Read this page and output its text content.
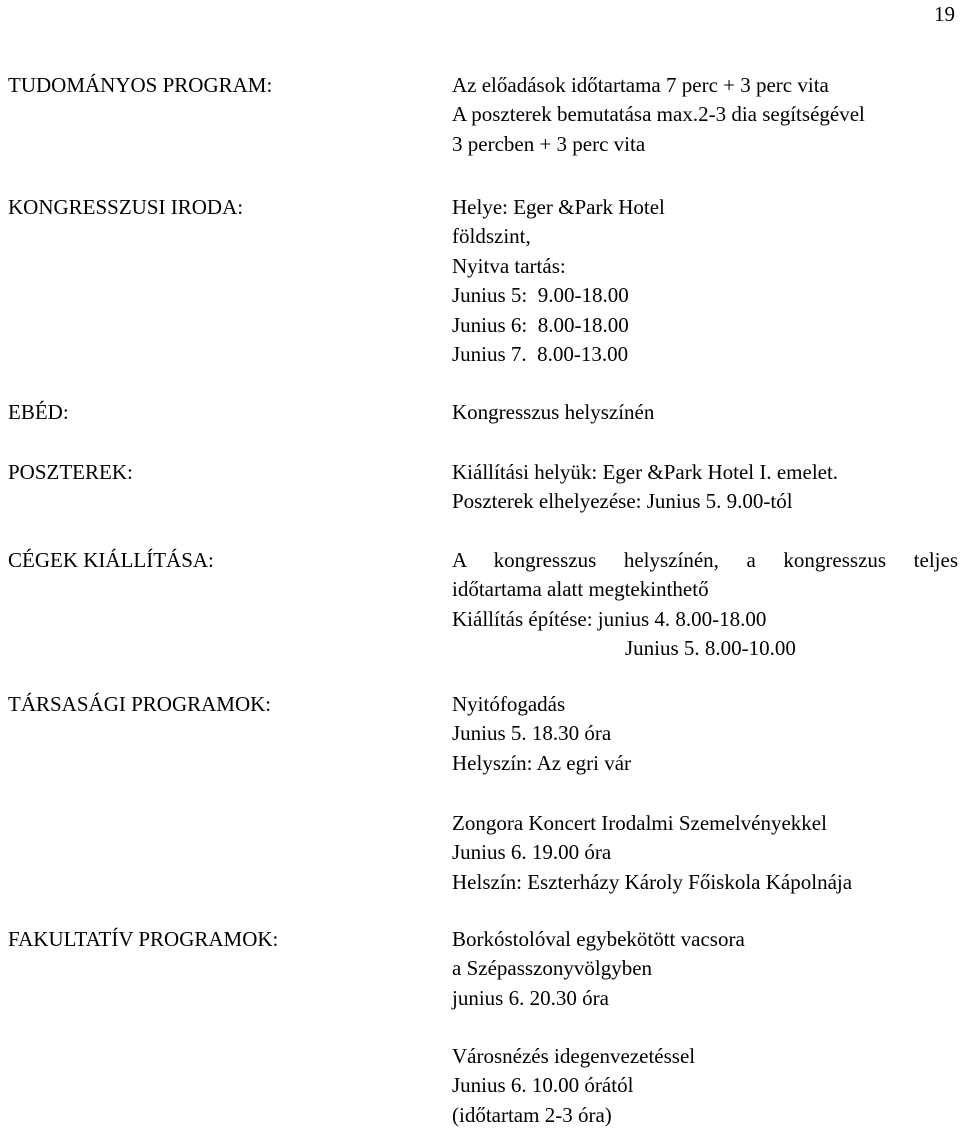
19
TUDOMÁNYOS PROGRAM:	Az előadások időtartama 7 perc + 3 perc vita
A poszterek bemutatása max.2-3 dia segítségével
3 percben + 3 perc vita
KONGRESSZUSI IRODA:	Helye: Eger &Park Hotel
földszint,
Nyitva tartás:
Junius 5:  9.00-18.00
Junius 6:  8.00-18.00
Junius 7.  8.00-13.00
EBÉD:	Kongresszus helyszínén
POSZTEREK:	Kiállítási helyük: Eger &Park Hotel I. emelet.
Poszterek elhelyezése: Junius 5. 9.00-tól
CÉGEK KIÁLLÍTÁSA:	A kongresszus helyszínén, a kongresszus teljes
időtartama alatt megtekinthető
Kiállítás építése: junius 4. 8.00-18.00
Junius 5. 8.00-10.00
TÁRSASÁGI PROGRAMOK:	Nyitófogadás
Junius 5. 18.30 óra
Helyszín: Az egri vár
Zongora Koncert Irodalmi Szemelvényekkel
Junius 6. 19.00 óra
Helszín: Eszterházy Károly Főiskola Kápolnája
FAKULTATÍV PROGRAMOK:	Borkóstolóval egybekötött vacsora
a Szépasszonyvölgyben
junius 6. 20.30 óra
Városnézés idegenvezetéssel
Junius 6. 10.00 órától
(időtartam 2-3 óra)
